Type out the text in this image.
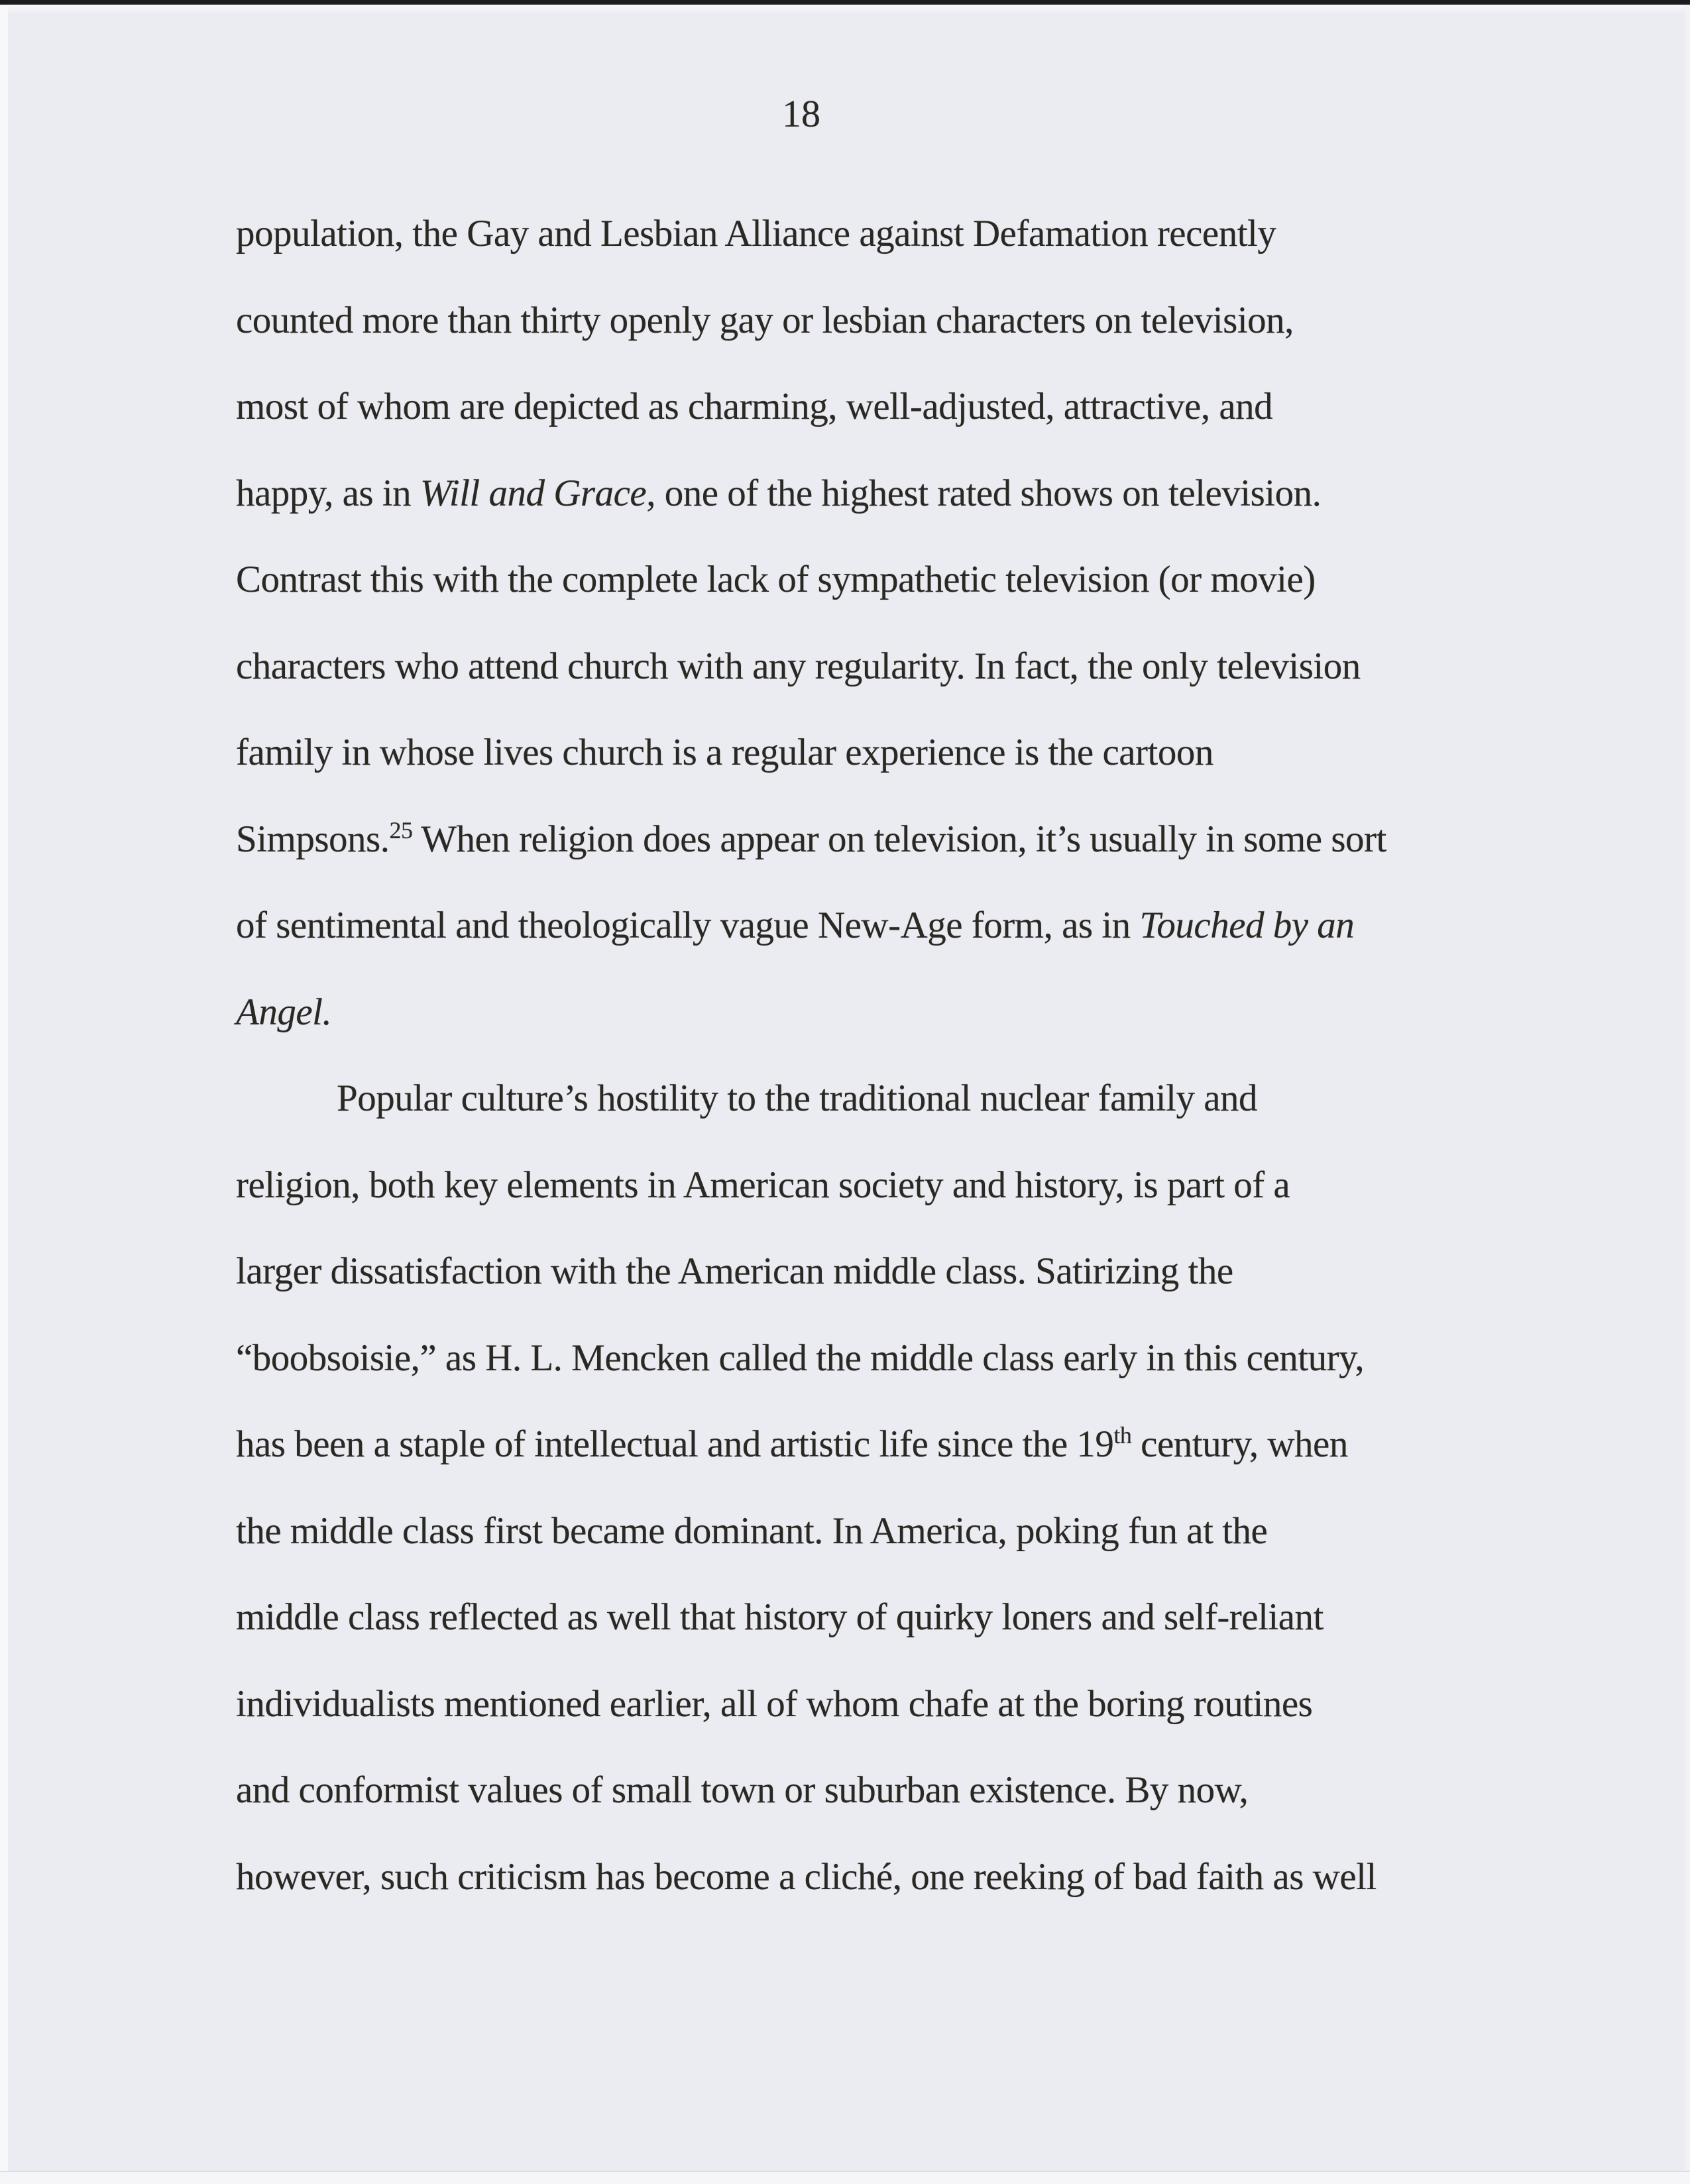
18
population, the Gay and Lesbian Alliance against Defamation recently
counted more than thirty openly gay or lesbian characters on television,
most of whom are depicted as charming, well-adjusted, attractive, and
happy, as in Will and Grace, one of the highest rated shows on television.
Contrast this with the complete lack of sympathetic television (or movie)
characters who attend church with any regularity. In fact, the only television
family in whose lives church is a regular experience is the cartoon
Simpsons.$^{25}$ When religion does appear on television, it’s usually in some sort
of sentimental and theologically vague New-Age form, as in Touched by an
Angel.
Popular culture’s hostility to the traditional nuclear family and
religion, both key elements in American society and history, is part of a
larger dissatisfaction with the American middle class. Satirizing the
“boobsoisie,” as H. L. Mencken called the middle class early in this century,
has been a staple of intellectual and artistic life since the 19th century, when
the middle class first became dominant. In America, poking fun at the
middle class reflected as well that history of quirky loners and self-reliant
individualists mentioned earlier, all of whom chafe at the boring routines
and conformist values of small town or suburban existence. By now,
however, such criticism has become a cliché, one reeking of bad faith as well
